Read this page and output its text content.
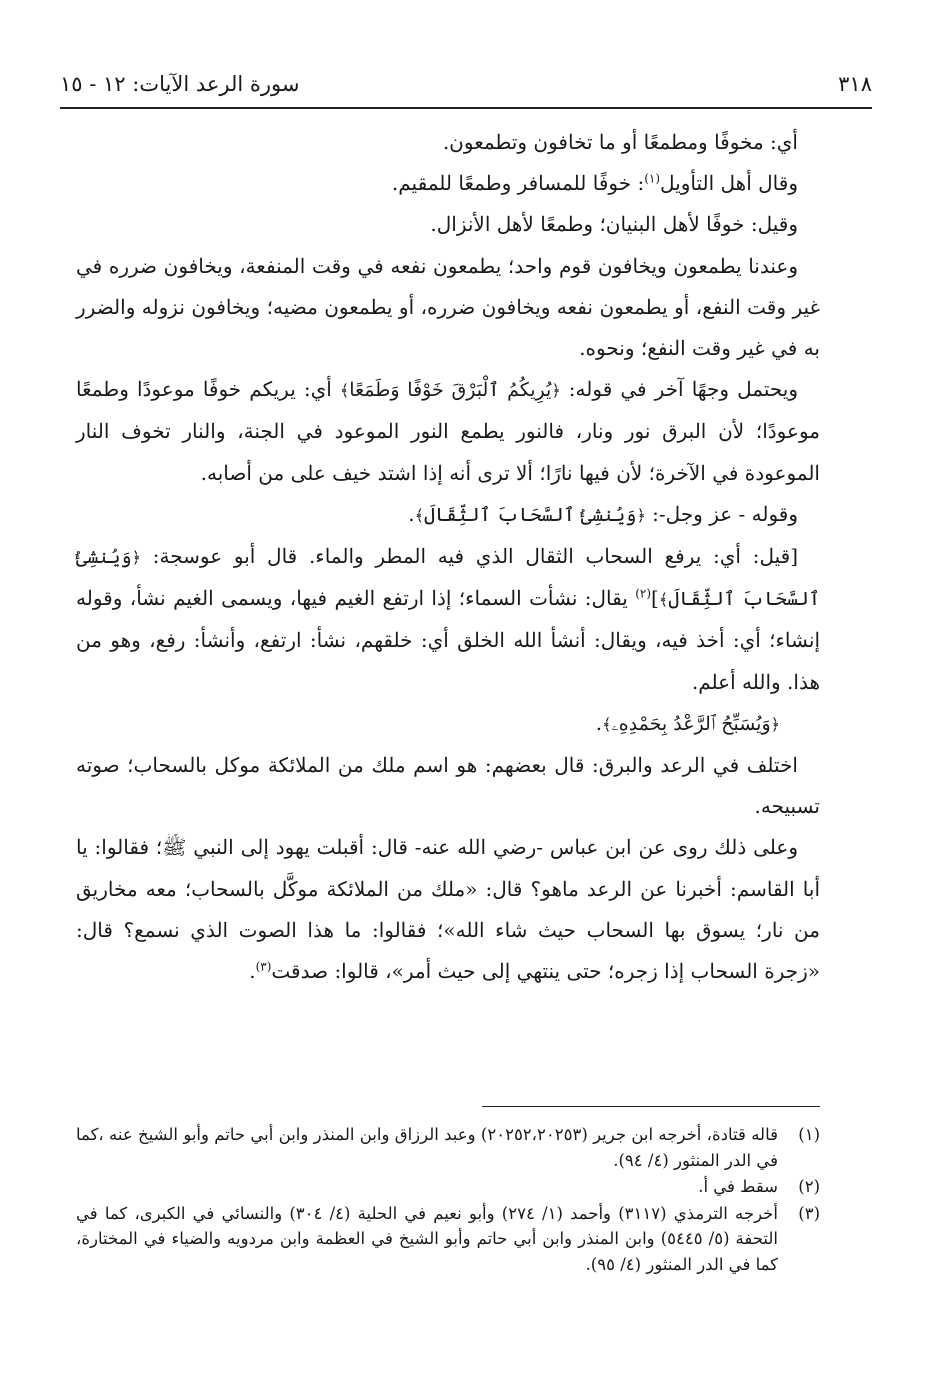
٣١٨
سورة الرعد الآيات: ١٢ - ١٥

أي: مخوفًا ومطمعًا أو ما تخافون وتطمعون.

وقال أهل التأويل$^{(١)}$: خوفًا للمسافر وطمعًا للمقيم.

وقيل: خوفًا لأهل البنيان؛ وطمعًا لأهل الأنزال.

وعندنا يطمعون ويخافون قوم واحد؛ يطمعون نفعه في وقت المنفعة، ويخافون ضرره في غير وقت النفع، أو يطمعون نفعه ويخافون ضرره، أو يطمعون مضيه؛ ويخافون نزوله والضرر به في غير وقت النفع؛ ونحوه.

ويحتمل وجهًا آخر في قوله: ﴿يُرِيكُمُ ٱلْبَرْقَ خَوْفًا وَطَمَعًا﴾ أي: يريكم خوفًا موعودًا وطمعًا موعودًا؛ لأن البرق نور ونار، فالنور يطمع النور الموعود في الجنة، والنار تخوف النار الموعودة في الآخرة؛ لأن فيها نارًا؛ ألا ترى أنه إذا اشتد خيف على من أصابه.

وقوله - عز وجل-: ﴿وَيُنشِئُ ٱلسَّحَابَ ٱلثِّقَالَ﴾.

[قيل: أي: يرفع السحاب الثقال الذي فيه المطر والماء. قال أبو عوسجة: ﴿وَيُنشِئُ ٱلسَّحَابَ ٱلثِّقَالَ﴾]$^{(٢)}$ يقال: نشأت السماء؛ إذا ارتفع الغيم فيها، ويسمى الغيم نشأ، وقوله إنشاء؛ أي: أخذ فيه، ويقال: أنشأ الله الخلق أي: خلقهم، نشأ: ارتفع، وأنشأ: رفع، وهو من هذا. والله أعلم.

﴿وَيُسَبِّحُ ٱلرَّعْدُ بِحَمْدِهِۦ﴾.

اختلف في الرعد والبرق: قال بعضهم: هو اسم ملك من الملائكة موكل بالسحاب؛ صوته تسبيحه.

وعلى ذلك روى عن ابن عباس -رضي الله عنه- قال: أقبلت يهود إلى النبي ﷺ؛ فقالوا: يا أبا القاسم: أخبرنا عن الرعد ماهو؟ قال: «ملك من الملائكة موكَّل بالسحاب؛ معه مخاريق من نار؛ يسوق بها السحاب حيث شاء الله»؛ فقالوا: ما هذا الصوت الذي نسمع؟ قال: «زجرة السحاب إذا زجره؛ حتى ينتهي إلى حيث أمر»، قالوا: صدقت$^{(٣)}$.

(١)
قاله قتادة، أخرجه ابن جرير (٢٠٢٥٢،٢٠٢٥٣) وعبد الرزاق وابن المنذر وابن أبي حاتم وأبو الشيخ عنه ،كما في الدر المنثور (٤/ ٩٤).
(٢)
سقط في أ.
(٣)
أخرجه الترمذي (٣١١٧) وأحمد (١/ ٢٧٤) وأبو نعيم في الحلية (٤/ ٣٠٤) والنسائي في الكبرى، كما في التحفة (٥/ ٥٤٤٥) وابن المنذر وابن أبي حاتم وأبو الشيخ في العظمة وابن مردويه والضياء في المختارة، كما في الدر المنثور (٤/ ٩٥).
